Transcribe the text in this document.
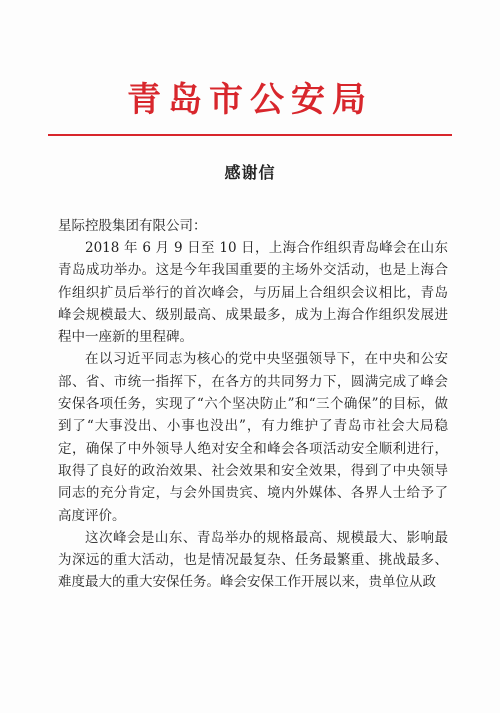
青岛市公安局
感谢信
星际控股集团有限公司：

2018 年 6 月 9 日至 10 日，上海合作组织青岛峰会在山东青岛成功举办。这是今年我国重要的主场外交活动，也是上海合作组织扩员后举行的首次峰会，与历届上合组织会议相比，青岛峰会规模最大、级别最高、成果最多，成为上海合作组织发展进程中一座新的里程碑。

在以习近平同志为核心的党中央坚强领导下，在中央和公安部、省、市统一指挥下，在各方的共同努力下，圆满完成了峰会安保各项任务，实现了“六个坚决防止”和“三个确保”的目标，做到了“大事没出、小事也没出”，有力维护了青岛市社会大局稳定，确保了中外领导人绝对安全和峰会各项活动安全顺利进行，取得了良好的政治效果、社会效果和安全效果，得到了中央领导同志的充分肯定，与会外国贵宾、境内外媒体、各界人士给予了高度评价。

这次峰会是山东、青岛举办的规格最高、规模最大、影响最为深远的重大活动，也是情况最复杂、任务最繁重、挑战最多、难度最大的重大安保任务。峰会安保工作开展以来，贵单位从政
